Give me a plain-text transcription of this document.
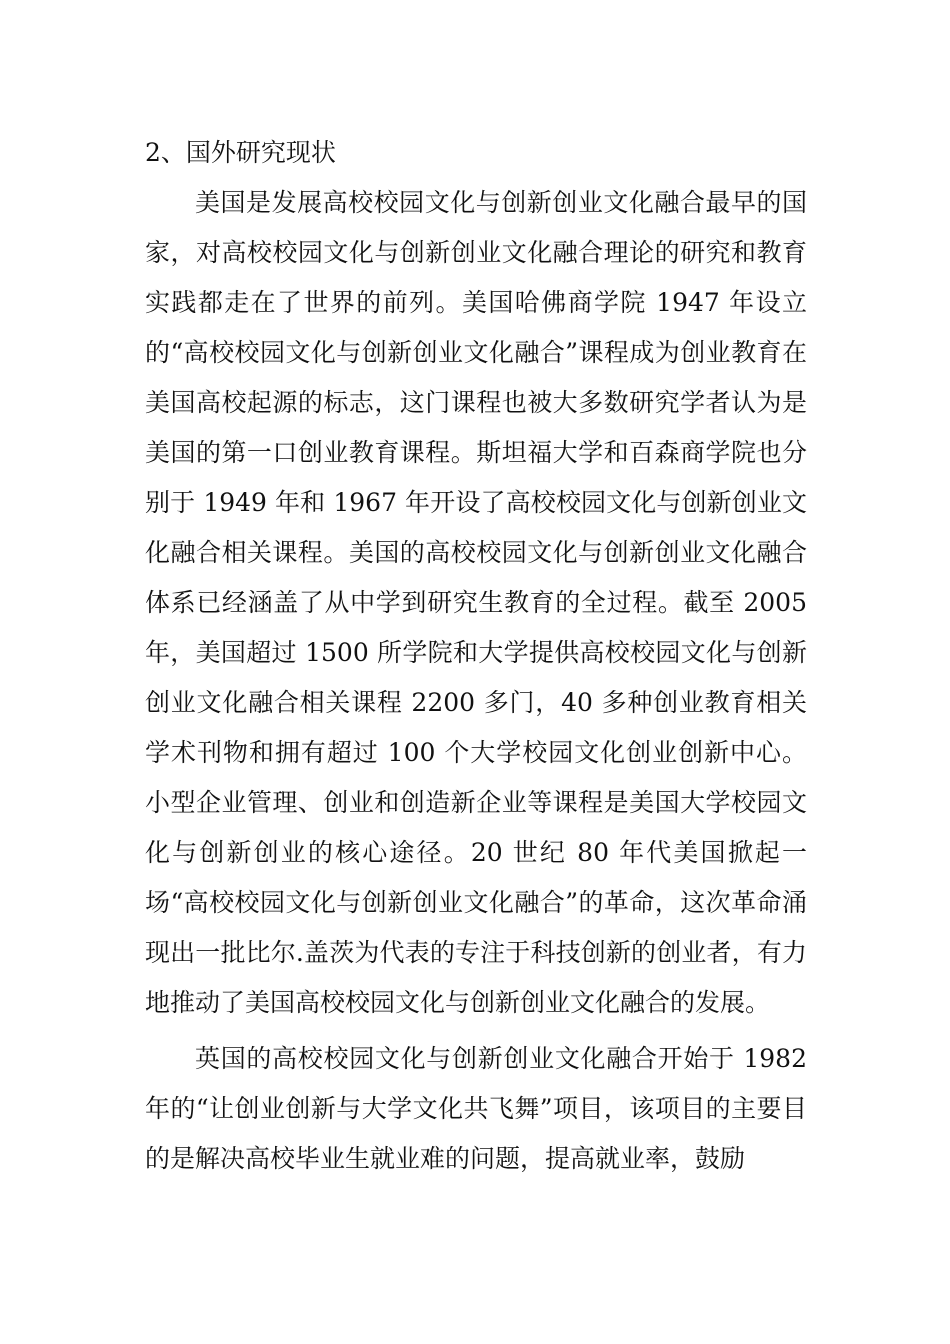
2、国外研究现状

美国是发展高校校园文化与创新创业文化融合最早的国家，对高校校园文化与创新创业文化融合理论的研究和教育实践都走在了世界的前列。美国哈佛商学院 1947 年设立的“高校校园文化与创新创业文化融合”课程成为创业教育在美国高校起源的标志，这门课程也被大多数研究学者认为是美国的第一口创业教育课程。斯坦福大学和百森商学院也分别于 1949 年和 1967 年开设了高校校园文化与创新创业文化融合相关课程。美国的高校校园文化与创新创业文化融合体系已经涵盖了从中学到研究生教育的全过程。截至 2005 年，美国超过 1500 所学院和大学提供高校校园文化与创新创业文化融合相关课程 2200 多门，40 多种创业教育相关学术刊物和拥有超过 100 个大学校园文化创业创新中心。小型企业管理、创业和创造新企业等课程是美国大学校园文化与创新创业的核心途径。20 世纪 80 年代美国掀起一场“高校校园文化与创新创业文化融合”的革命，这次革命涌现出一批比尔.盖茨为代表的专注于科技创新的创业者，有力地推动了美国高校校园文化与创新创业文化融合的发展。

英国的高校校园文化与创新创业文化融合开始于 1982 年的“让创业创新与大学文化共飞舞”项目，该项目的主要目的是解决高校毕业生就业难的问题，提高就业率，鼓励
